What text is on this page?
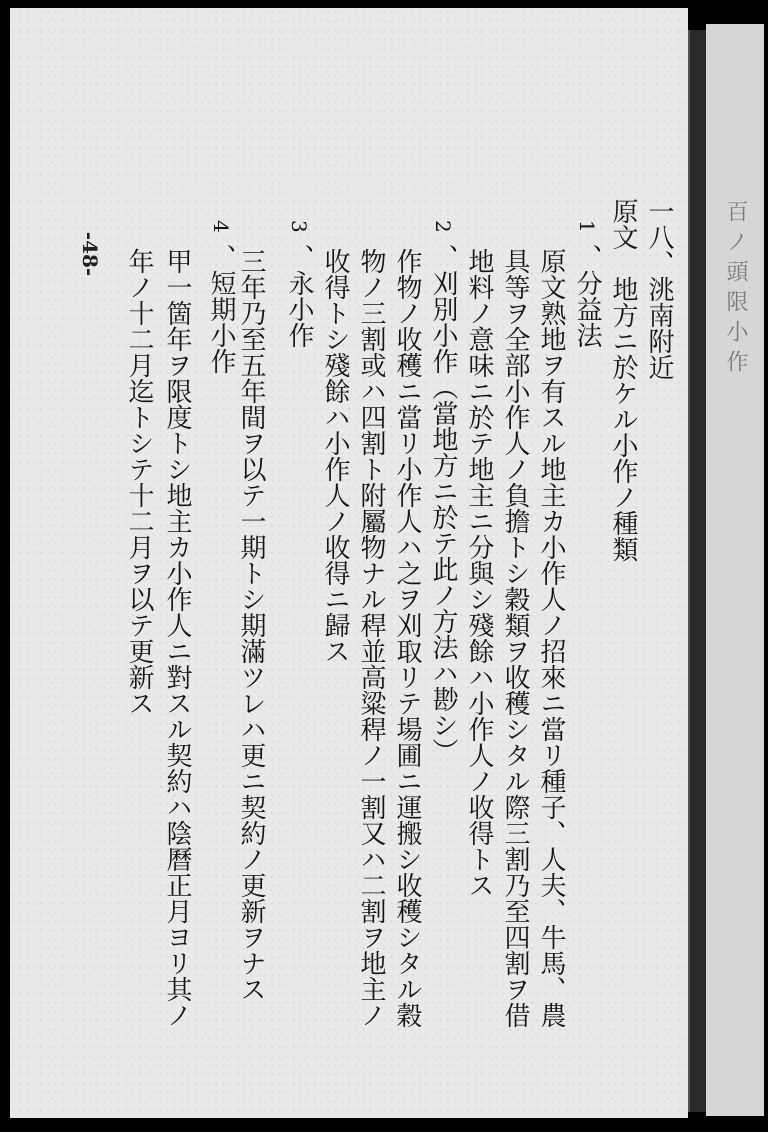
-48-	一八、洮南附近
原文　地方ニ於ケル小作ノ種類
1
、分益法
原文熟地ヲ有スル地主カ小作人ノ招來ニ當リ種子、人夫、牛馬、農
具等ヲ全部小作人ノ負擔トシ穀類ヲ收穫シタル際三割乃至四割ヲ借
地料ノ意味ニ於テ地主ニ分與シ殘餘ハ小作人ノ收得トス
2
、刈別小作（當地方ニ於テ此ノ方法ハ尠シ）
作物ノ收穫ニ當リ小作人ハ之ヲ刈取リテ場圃ニ運搬シ收穫シタル穀
物ノ三割或ハ四割ト附屬物ナル稈並高粱稈ノ一割又ハ二割ヲ地主ノ
收得トシ殘餘ハ小作人ノ收得ニ歸ス
3
、永小作
三年乃至五年間ヲ以テ一期トシ期滿ツレハ更ニ契約ノ更新ヲナス
4
、短期小作
甲一箇年ヲ限度トシ地主カ小作人ニ對スル契約ハ陰曆正月ヨリ其ノ
年ノ十二月迄トシテ十二月ヲ以テ更新ス	百ノ頭限小作
